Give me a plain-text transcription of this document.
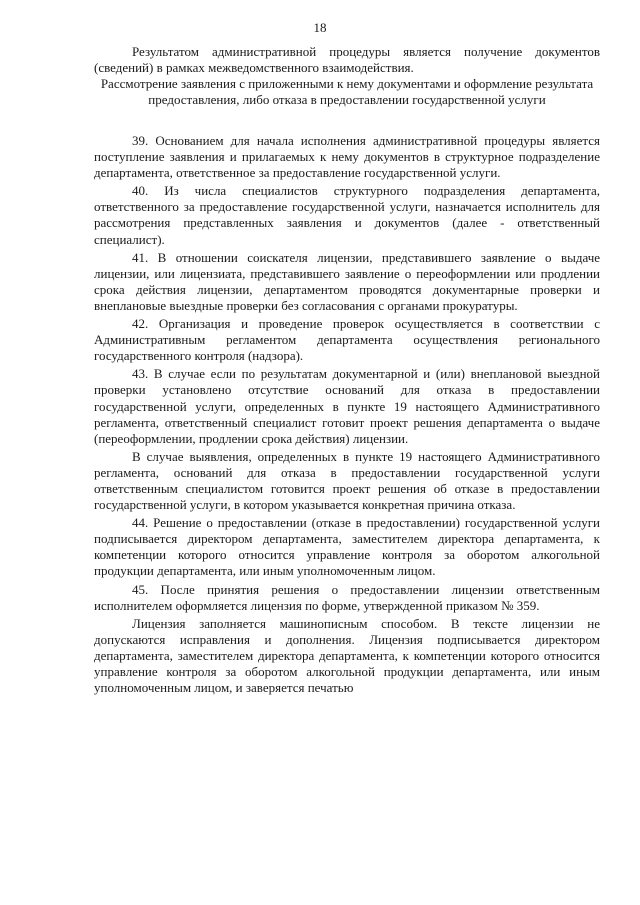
18

Результатом административной процедуры является получение документов (сведений) в рамках межведомственного взаимодействия.

Рассмотрение заявления с приложенными к нему документами и оформление результата предоставления, либо отказа в предоставлении государственной услуги

39. Основанием для начала исполнения административной процедуры является поступление заявления и прилагаемых к нему документов в структурное подразделение департамента, ответственное за предоставление государственной услуги.

40. Из числа специалистов структурного подразделения департамента, ответственного за предоставление государственной услуги, назначается исполнитель для рассмотрения представленных заявления и документов (далее - ответственный специалист).

41. В отношении соискателя лицензии, представившего заявление о выдаче лицензии, или лицензиата, представившего заявление о переоформлении или продлении срока действия лицензии, департаментом проводятся документарные проверки и внеплановые выездные проверки без согласования с органами прокуратуры.

42. Организация и проведение проверок осуществляется в соответствии с Административным регламентом департамента осуществления регионального государственного контроля (надзора).

43. В случае если по результатам документарной и (или) внеплановой выездной проверки установлено отсутствие оснований для отказа в предоставлении государственной услуги, определенных в пункте 19 настоящего Административного регламента, ответственный специалист готовит проект решения департамента о выдаче (переоформлении, продлении срока действия) лицензии.

В случае выявления, определенных в пункте 19 настоящего Административного регламента, оснований для отказа в предоставлении государственной услуги ответственным специалистом готовится проект решения об отказе в предоставлении государственной услуги, в котором указывается конкретная причина отказа.

44. Решение о предоставлении (отказе в предоставлении) государственной услуги подписывается директором департамента, заместителем директора департамента, к компетенции которого относится управление контроля за оборотом алкогольной продукции департамента, или иным уполномоченным лицом.

45. После принятия решения о предоставлении лицензии ответственным исполнителем оформляется лицензия по форме, утвержденной приказом № 359.

Лицензия заполняется машинописным способом. В тексте лицензии не допускаются исправления и дополнения. Лицензия подписывается директором департамента, заместителем директора департамента, к компетенции которого относится управление контроля за оборотом алкогольной продукции департамента, или иным уполномоченным лицом, и заверяется печатью
